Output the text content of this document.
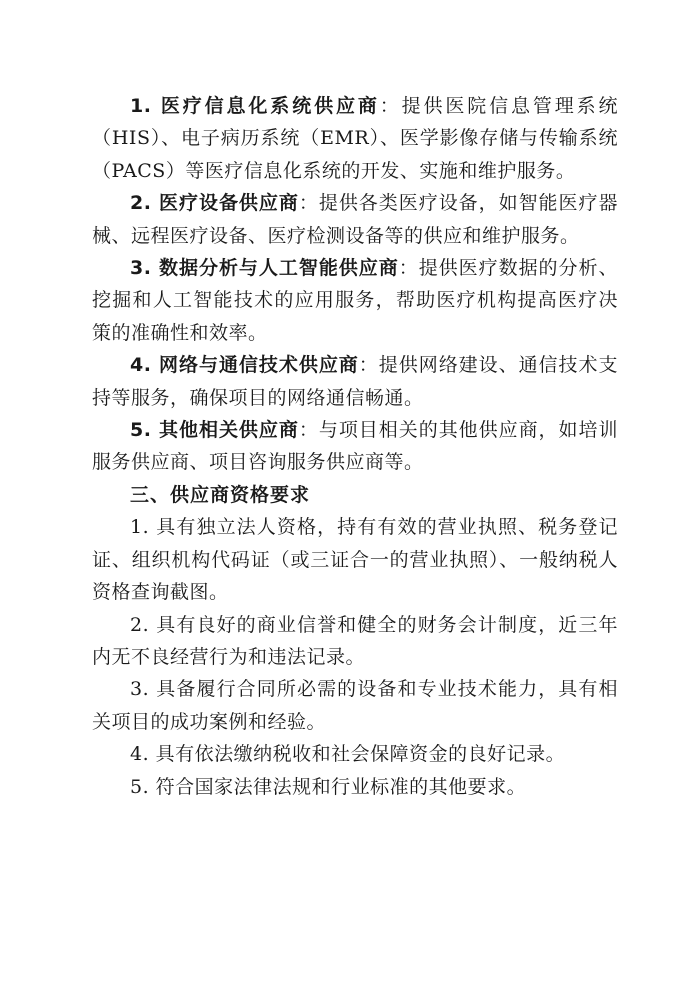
1. 医疗信息化系统供应商：提供医院信息管理系统（HIS）、电子病历系统（EMR）、医学影像存储与传输系统（PACS）等医疗信息化系统的开发、实施和维护服务。

2. 医疗设备供应商：提供各类医疗设备，如智能医疗器械、远程医疗设备、医疗检测设备等的供应和维护服务。

3. 数据分析与人工智能供应商：提供医疗数据的分析、挖掘和人工智能技术的应用服务，帮助医疗机构提高医疗决策的准确性和效率。

4. 网络与通信技术供应商：提供网络建设、通信技术支持等服务，确保项目的网络通信畅通。

5. 其他相关供应商：与项目相关的其他供应商，如培训服务供应商、项目咨询服务供应商等。

三、供应商资格要求

1. 具有独立法人资格，持有有效的营业执照、税务登记证、组织机构代码证（或三证合一的营业执照）、一般纳税人资格查询截图。

2. 具有良好的商业信誉和健全的财务会计制度，近三年内无不良经营行为和违法记录。

3. 具备履行合同所必需的设备和专业技术能力，具有相关项目的成功案例和经验。

4. 具有依法缴纳税收和社会保障资金的良好记录。

5. 符合国家法律法规和行业标准的其他要求。
